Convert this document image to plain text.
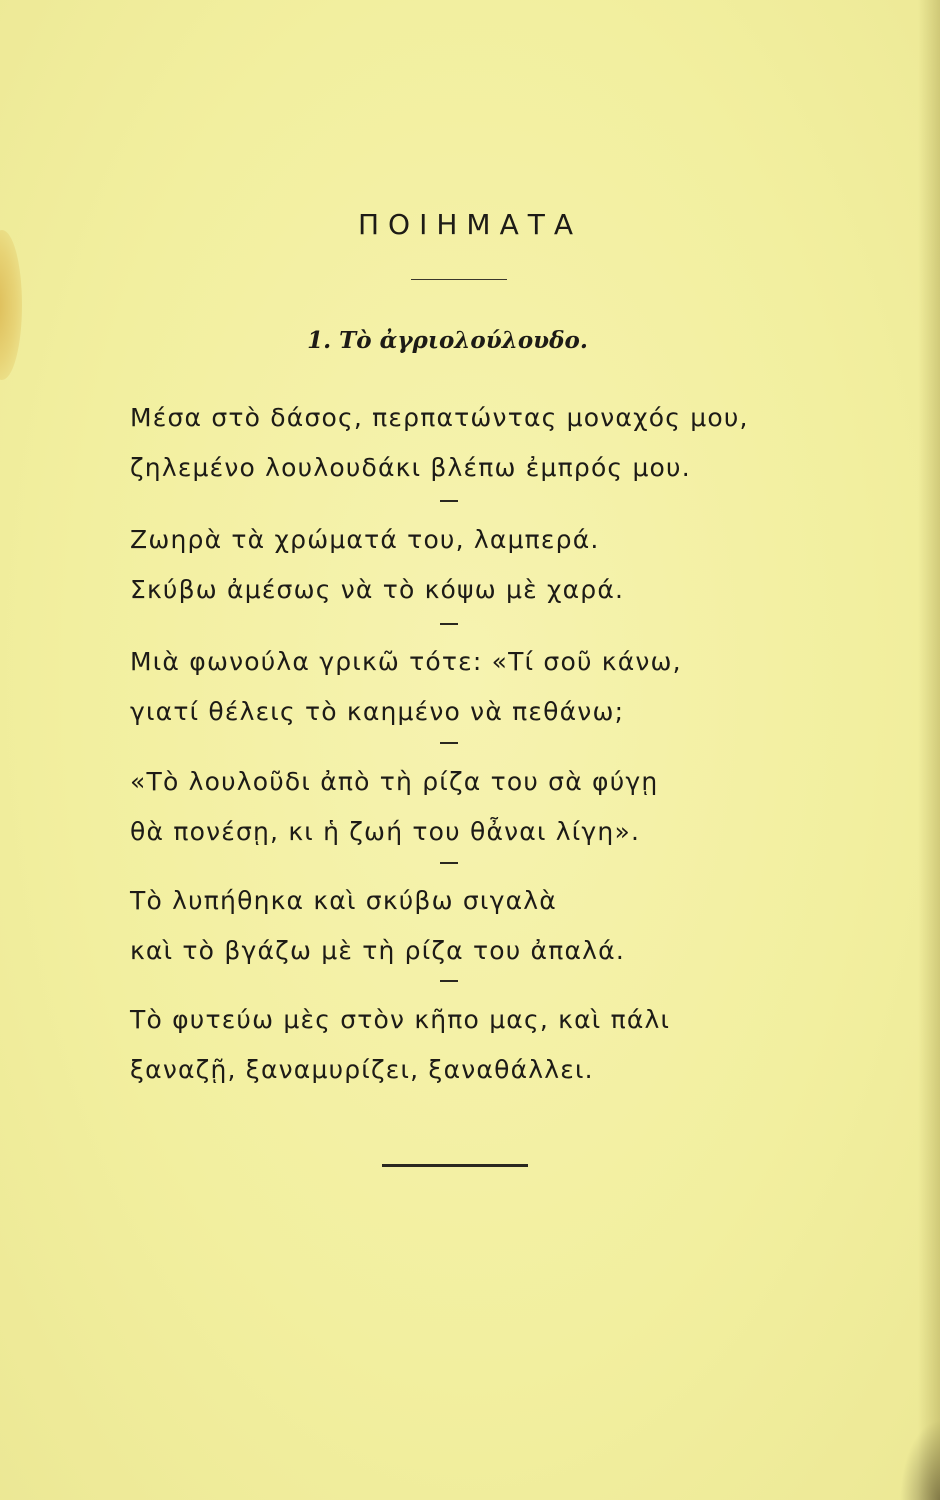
ΠΟΙΗΜΑΤΑ
1. Τὸ ἀγριολούλουδο.
Μέσα στὸ δάσος, περπατώντας μοναχός μου,
ζηλεμένο λουλουδάκι βλέπω ἐμπρός μου.
Ζωηρὰ τὰ χρώματά του, λαμπερά.
Σκύβω ἀμέσως νὰ τὸ κόψω μὲ χαρά.
Μιὰ φωνούλα γρικῶ τότε: «Τί σοῦ κάνω,
γιατί θέλεις τὸ καημένο νὰ πεθάνω;
«Τὸ λουλοῦδι ἀπὸ τὴ ρίζα του σὰ φύγῃ
θὰ πονέσῃ, κι ἡ ζωή του θἆναι λίγη».
Τὸ λυπήθηκα καὶ σκύβω σιγαλὰ
καὶ τὸ βγάζω μὲ τὴ ρίζα του ἀπαλά.
Τὸ φυτεύω μὲς στὸν κῆπο μας, καὶ πάλι
ξαναζῇ, ξαναμυρίζει, ξαναθάλλει.
